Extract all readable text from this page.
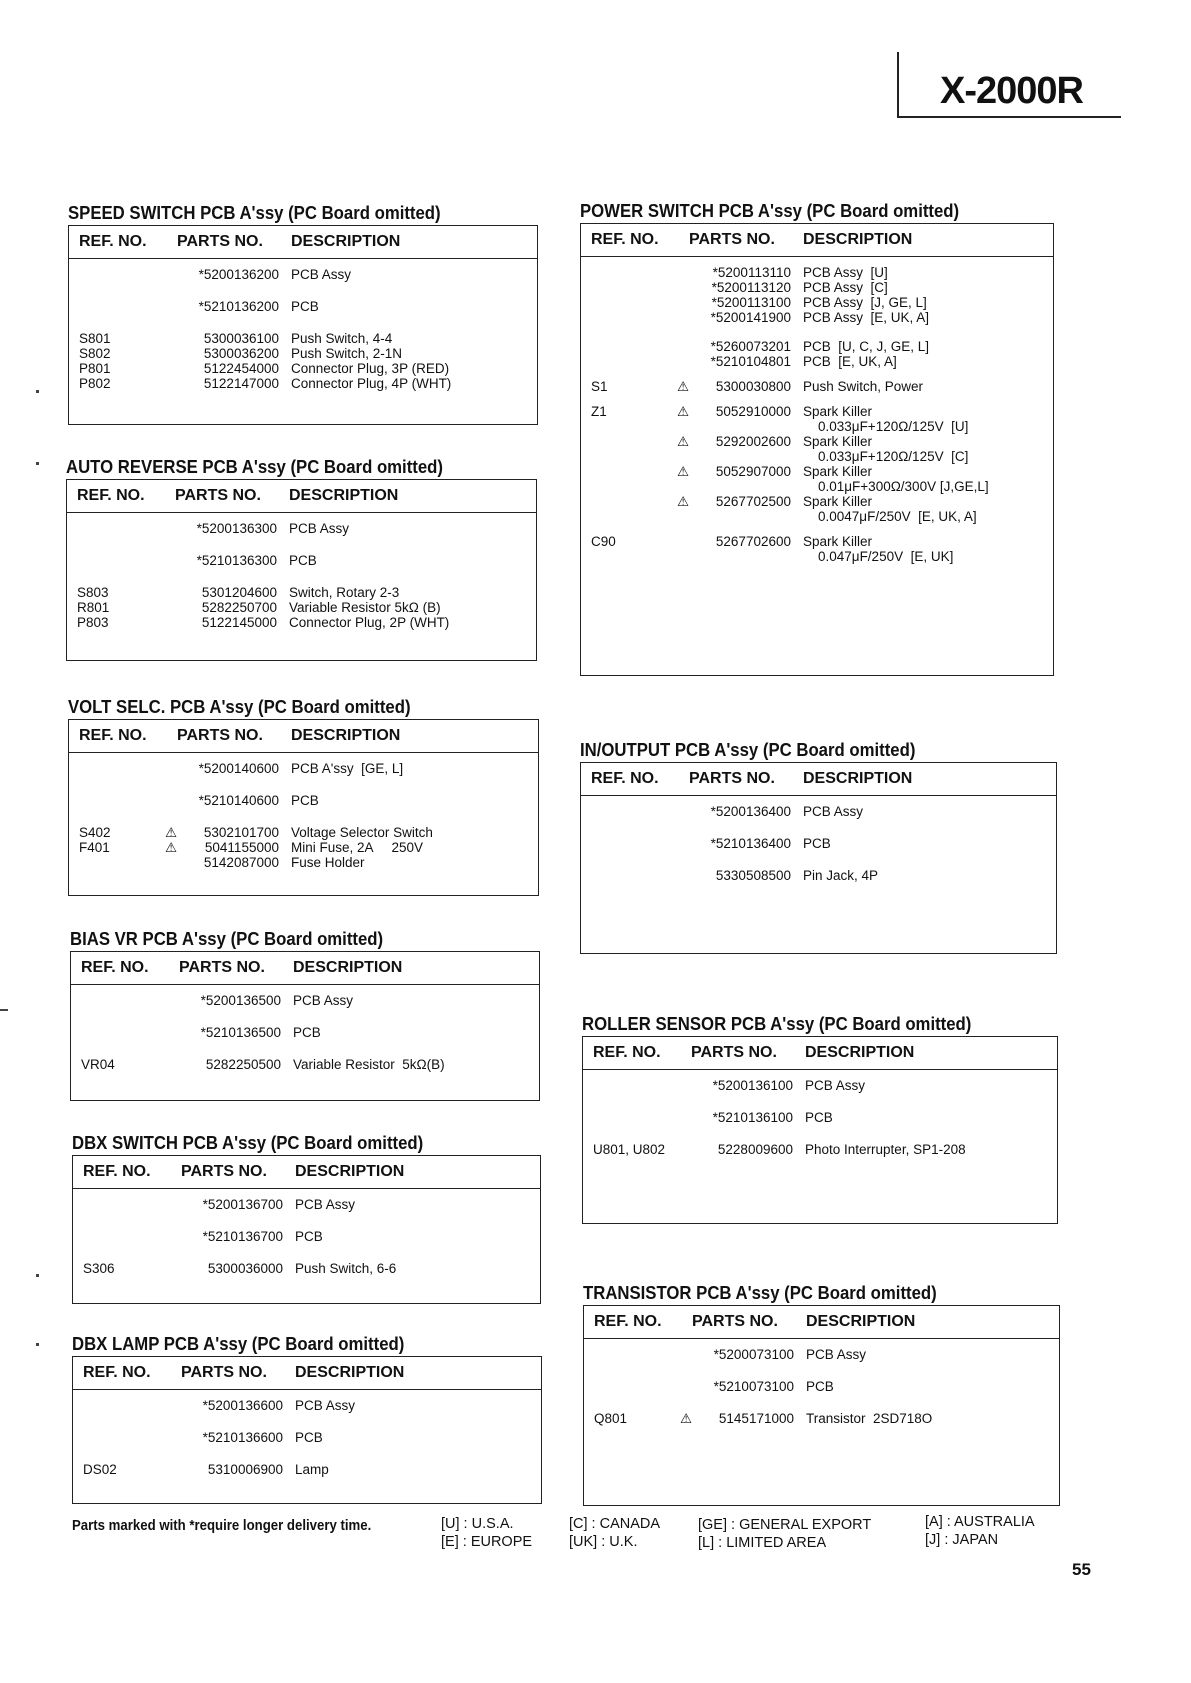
X-2000R
SPEED SWITCH PCB A'ssy (PC Board omitted)
REF. NO. PARTS NO. DESCRIPTION
*5200136200 PCB Assy
*5210136200 PCB
S801	5300036100 Push Switch, 4-4
S802	5300036200 Push Switch, 2-1N
P801	5122454000 Connector Plug, 3P (RED)
P802	5122147000 Connector Plug, 4P (WHT)
AUTO REVERSE PCB A'ssy (PC Board omitted)
REF. NO. PARTS NO. DESCRIPTION
*5200136300 PCB Assy
*5210136300 PCB
S803	5301204600 Switch, Rotary 2-3
R801	5282250700 Variable Resistor 5kΩ (B)
P803	5122145000 Connector Plug, 2P (WHT)
VOLT SELC. PCB A'ssy (PC Board omitted)
REF. NO. PARTS NO. DESCRIPTION
*5200140600 PCB A'ssy  [GE, L]
*5210140600 PCB
S402	⚠	5302101700 Voltage Selector Switch
F401	⚠	5041155000 Mini Fuse, 2A     250V
5142087000 Fuse Holder
BIAS VR PCB A'ssy (PC Board omitted)
REF. NO. PARTS NO. DESCRIPTION
*5200136500 PCB Assy
*5210136500 PCB
VR04	5282250500 Variable Resistor  5kΩ(B)
DBX SWITCH PCB A'ssy (PC Board omitted)
REF. NO. PARTS NO. DESCRIPTION
*5200136700 PCB Assy
*5210136700 PCB
S306	5300036000 Push Switch, 6-6
DBX LAMP PCB A'ssy (PC Board omitted)
REF. NO. PARTS NO. DESCRIPTION
*5200136600 PCB Assy
*5210136600 PCB
DS02	5310006900 Lamp
POWER SWITCH PCB A'ssy (PC Board omitted)
REF. NO. PARTS NO. DESCRIPTION
*5200113110 PCB Assy  [U]
*5200113120 PCB Assy  [C]
*5200113100 PCB Assy  [J, GE, L]
*5200141900 PCB Assy  [E, UK, A]
*5260073201 PCB  [U, C, J, GE, L]
*5210104801 PCB  [E, UK, A]
S1	⚠	5300030800 Push Switch, Power
Z1	⚠	5052910000 Spark Killer
0.033μF+120Ω/125V  [U]
⚠	5292002600 Spark Killer
0.033μF+120Ω/125V  [C]
⚠	5052907000 Spark Killer
0.01μF+300Ω/300V [J,GE,L]
⚠	5267702500 Spark Killer
0.0047μF/250V  [E, UK, A]
C90	5267702600 Spark Killer
0.047μF/250V  [E, UK]
IN/OUTPUT PCB A'ssy (PC Board omitted)
REF. NO. PARTS NO. DESCRIPTION
*5200136400 PCB Assy
*5210136400 PCB
5330508500 Pin Jack, 4P
ROLLER SENSOR PCB A'ssy (PC Board omitted)
REF. NO. PARTS NO. DESCRIPTION
*5200136100 PCB Assy
*5210136100 PCB
U801, U802	5228009600 Photo Interrupter, SP1-208
TRANSISTOR PCB A'ssy (PC Board omitted)
REF. NO. PARTS NO. DESCRIPTION
*5200073100 PCB Assy
*5210073100 PCB
Q801	⚠	5145171000 Transistor  2SD718O
Parts marked with *require longer delivery time.	[U] : U.S.A.
[E] : EUROPE
[C] : CANADA
[UK] : U.K.
[GE] : GENERAL EXPORT
[L] : LIMITED AREA
[A] : AUSTRALIA
[J] : JAPAN
55
